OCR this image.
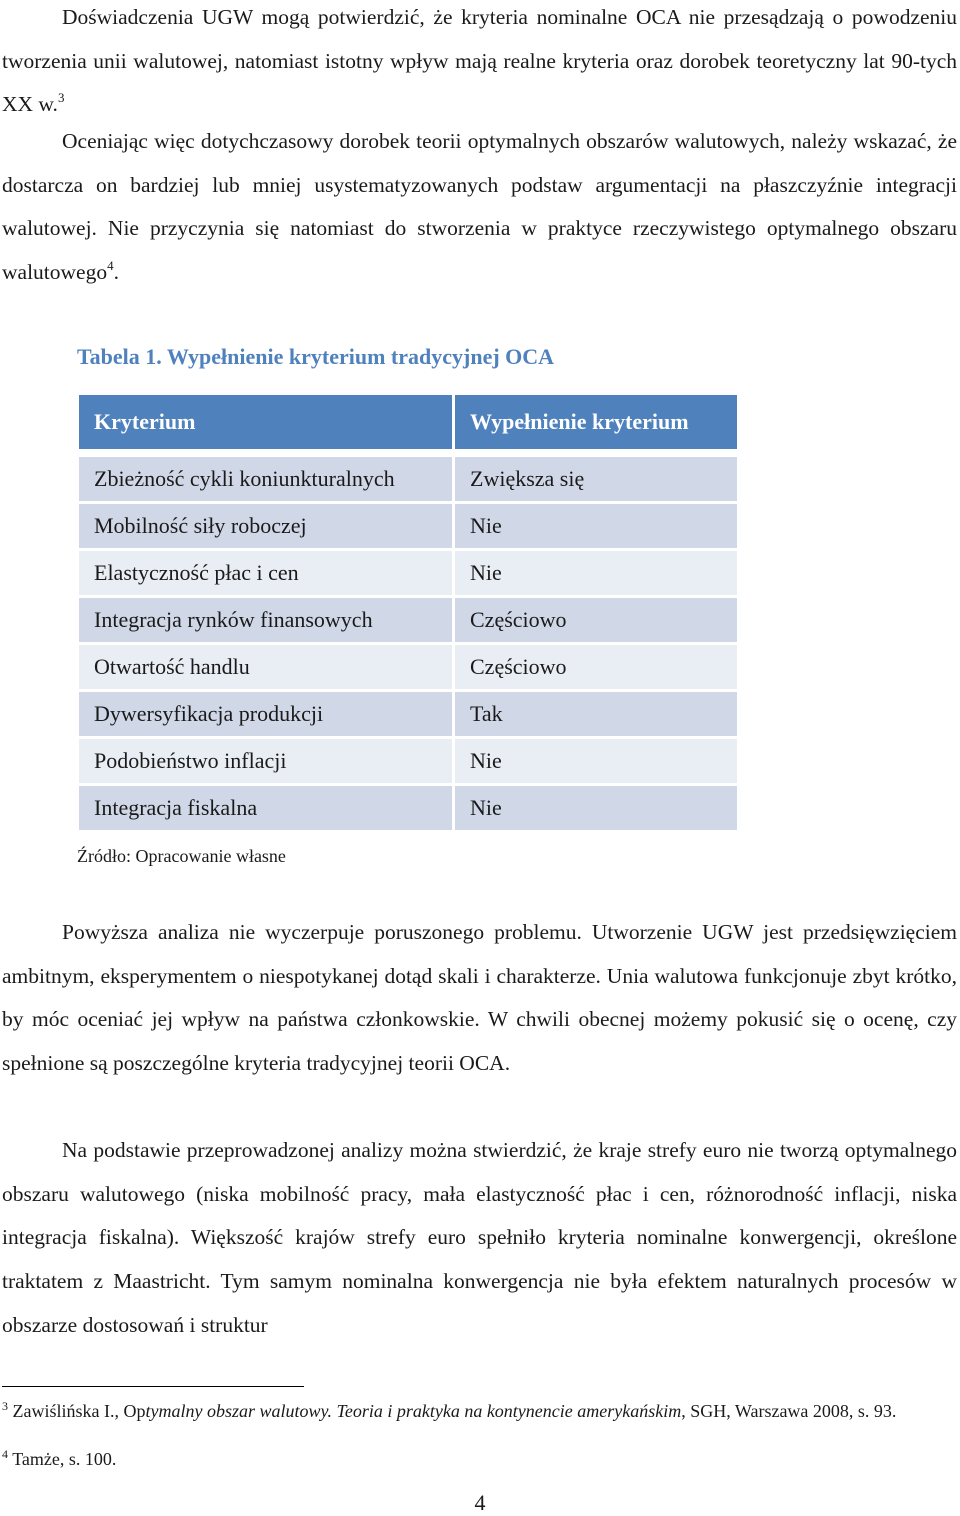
Doświadczenia UGW mogą potwierdzić, że kryteria nominalne OCA nie przesądzają o powodzeniu tworzenia unii walutowej, natomiast istotny wpływ mają realne kryteria oraz dorobek teoretyczny lat 90-tych XX w.$^3$
Oceniając więc dotychczasowy dorobek teorii optymalnych obszarów walutowych, należy wskazać, że dostarcza on bardziej lub mniej usystematyzowanych podstaw argumentacji na płaszczyźnie integracji walutowej. Nie przyczynia się natomiast do stworzenia w praktyce rzeczywistego optymalnego obszaru walutowego$^4$.
Tabela 1. Wypełnienie kryterium tradycyjnej OCA
Kryterium	Wypełnienie kryterium
Zbieżność cykli koniunkturalnych	Zwiększa się
Mobilność siły roboczej	Nie
Elastyczność płac i cen	Nie
Integracja rynków finansowych	Częściowo
Otwartość handlu	Częściowo
Dywersyfikacja produkcji	Tak
Podobieństwo inflacji	Nie
Integracja fiskalna	Nie
Źródło: Opracowanie własne
Powyższa analiza nie wyczerpuje poruszonego problemu. Utworzenie UGW jest przedsięwzięciem ambitnym, eksperymentem o niespotykanej dotąd skali i charakterze. Unia walutowa funkcjonuje zbyt krótko, by móc oceniać jej wpływ na państwa członkowskie. W chwili obecnej możemy pokusić się o ocenę, czy spełnione są poszczególne kryteria tradycyjnej teorii OCA.
Na podstawie przeprowadzonej analizy można stwierdzić, że kraje strefy euro nie tworzą optymalnego obszaru walutowego (niska mobilność pracy, mała elastyczność płac i cen, różnorodność inflacji, niska integracja fiskalna). Większość krajów strefy euro spełniło kryteria nominalne konwergencji, określone traktatem z Maastricht. Tym samym nominalna konwergencja nie była efektem naturalnych procesów w obszarze dostosowań i struktur
$^3$ Zawiślińska I., Optymalny obszar walutowy. Teoria i praktyka na kontynencie amerykańskim, SGH, Warszawa 2008, s. 93.
$^4$ Tamże, s. 100.
4
